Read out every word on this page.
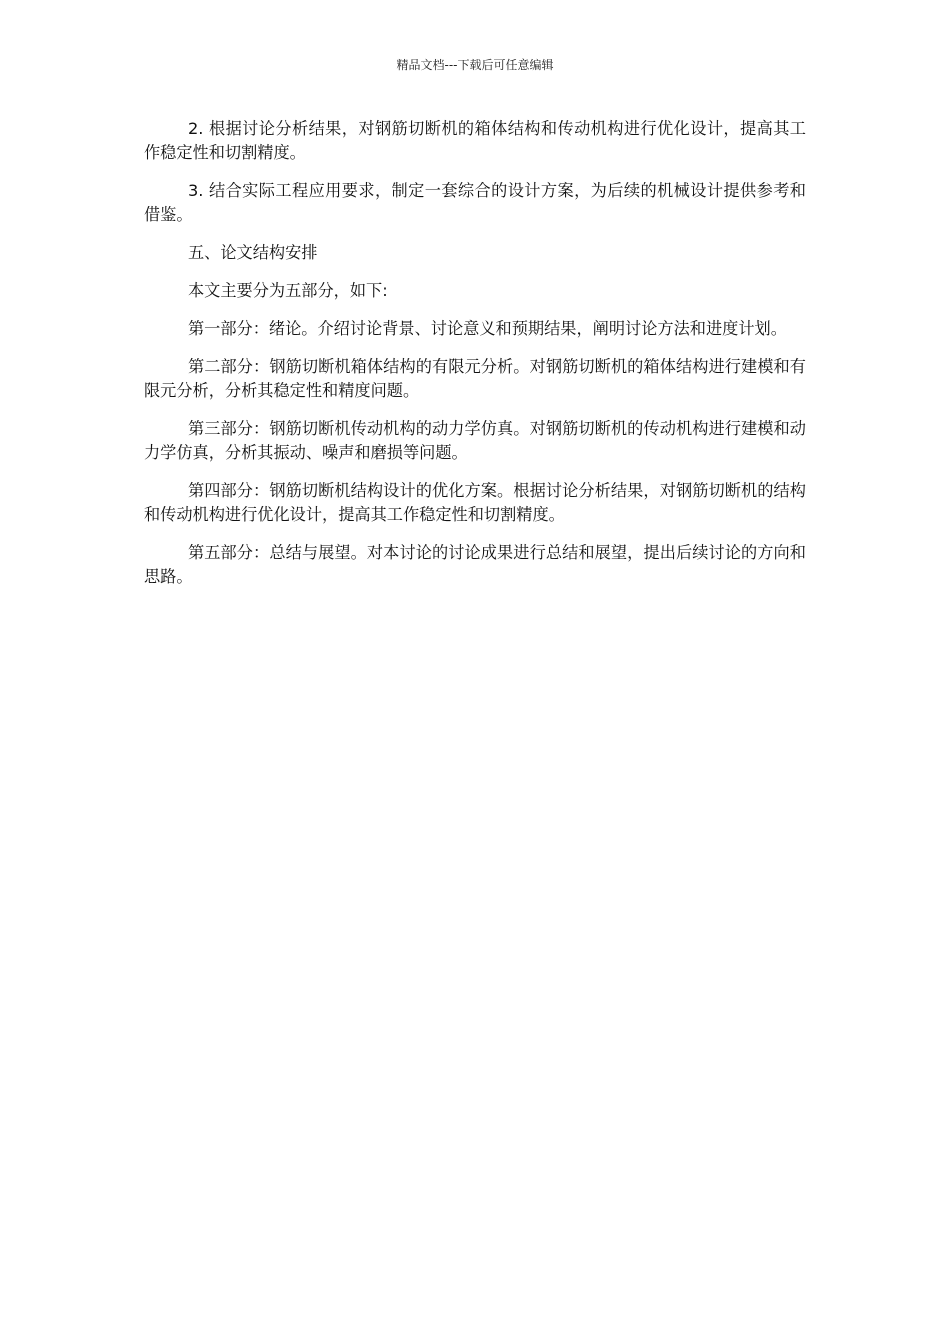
精品文档---下载后可任意编辑

2. 根据讨论分析结果，对钢筋切断机的箱体结构和传动机构进行优化设计，提高其工作稳定性和切割精度。

3. 结合实际工程应用要求，制定一套综合的设计方案，为后续的机械设计提供参考和借鉴。

五、论文结构安排

本文主要分为五部分，如下:

第一部分：绪论。介绍讨论背景、讨论意义和预期结果，阐明讨论方法和进度计划。

第二部分：钢筋切断机箱体结构的有限元分析。对钢筋切断机的箱体结构进行建模和有限元分析，分析其稳定性和精度问题。

第三部分：钢筋切断机传动机构的动力学仿真。对钢筋切断机的传动机构进行建模和动力学仿真，分析其振动、噪声和磨损等问题。

第四部分：钢筋切断机结构设计的优化方案。根据讨论分析结果，对钢筋切断机的结构和传动机构进行优化设计，提高其工作稳定性和切割精度。

第五部分：总结与展望。对本讨论的讨论成果进行总结和展望，提出后续讨论的方向和思路。
